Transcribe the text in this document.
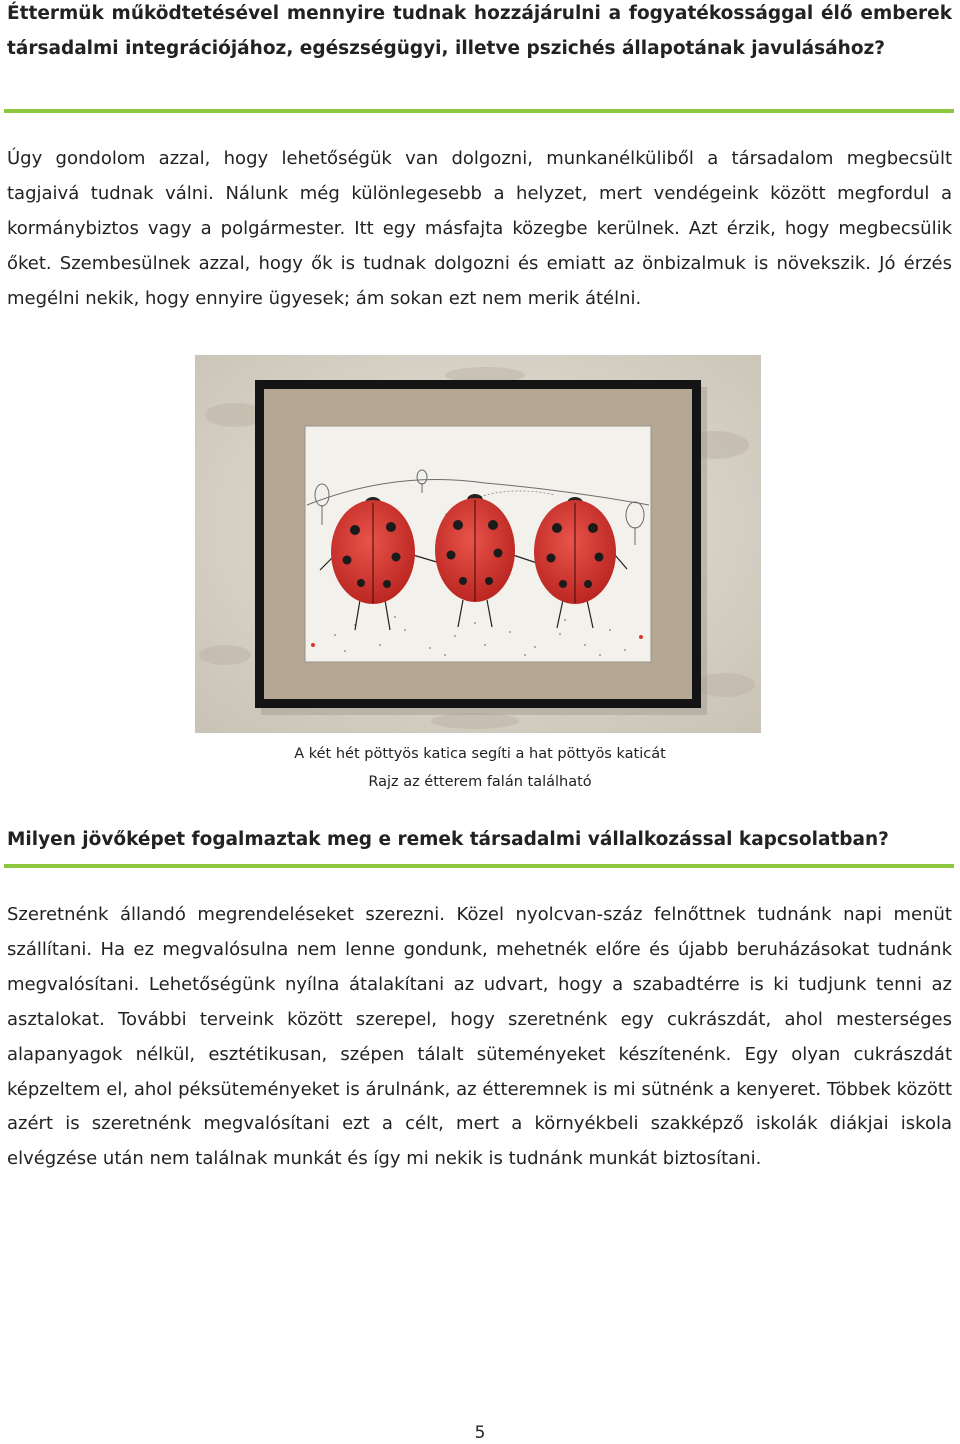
Éttermük működtetésével mennyire tudnak hozzájárulni a fogyatékossággal élő emberek társadalmi integrációjához, egészségügyi, illetve pszichés állapotának javulásához?

Úgy gondolom azzal, hogy lehetőségük van dolgozni, munkanélküliből a társadalom megbecsült tagjaivá tudnak válni. Nálunk még különlegesebb a helyzet, mert vendégeink között megfordul a kormánybiztos vagy a polgármester. Itt egy másfajta közegbe kerülnek. Azt érzik, hogy megbecsülik őket. Szembesülnek azzal, hogy ők is tudnak dolgozni és emiatt az önbizalmuk is növekszik. Jó érzés megélni nekik, hogy ennyire ügyesek; ám sokan ezt nem merik átélni.

A két hét pöttyös katica segíti a hat pöttyös katicát

Rajz az étterem falán található

Milyen jövőképet fogalmaztak meg e remek társadalmi vállalkozással kapcsolatban?

Szeretnénk állandó megrendeléseket szerezni. Közel nyolcvan-száz felnőttnek tudnánk napi menüt szállítani. Ha ez megvalósulna nem lenne gondunk, mehetnék előre és újabb beruházásokat tudnánk megvalósítani. Lehetőségünk nyílna átalakítani az udvart, hogy a szabadtérre is ki tudjunk tenni az asztalokat. További terveink között szerepel, hogy szeretnénk egy cukrászdát, ahol mesterséges alapanyagok nélkül, esztétikusan, szépen tálalt süteményeket készítenénk. Egy olyan cukrászdát képzeltem el, ahol péksüteményeket is árulnánk, az étteremnek is mi sütnénk a kenyeret. Többek között azért is szeretnénk megvalósítani ezt a célt, mert a környékbeli szakképző iskolák diákjai iskola elvégzése után nem találnak munkát és így mi nekik is tudnánk munkát biztosítani.

5
